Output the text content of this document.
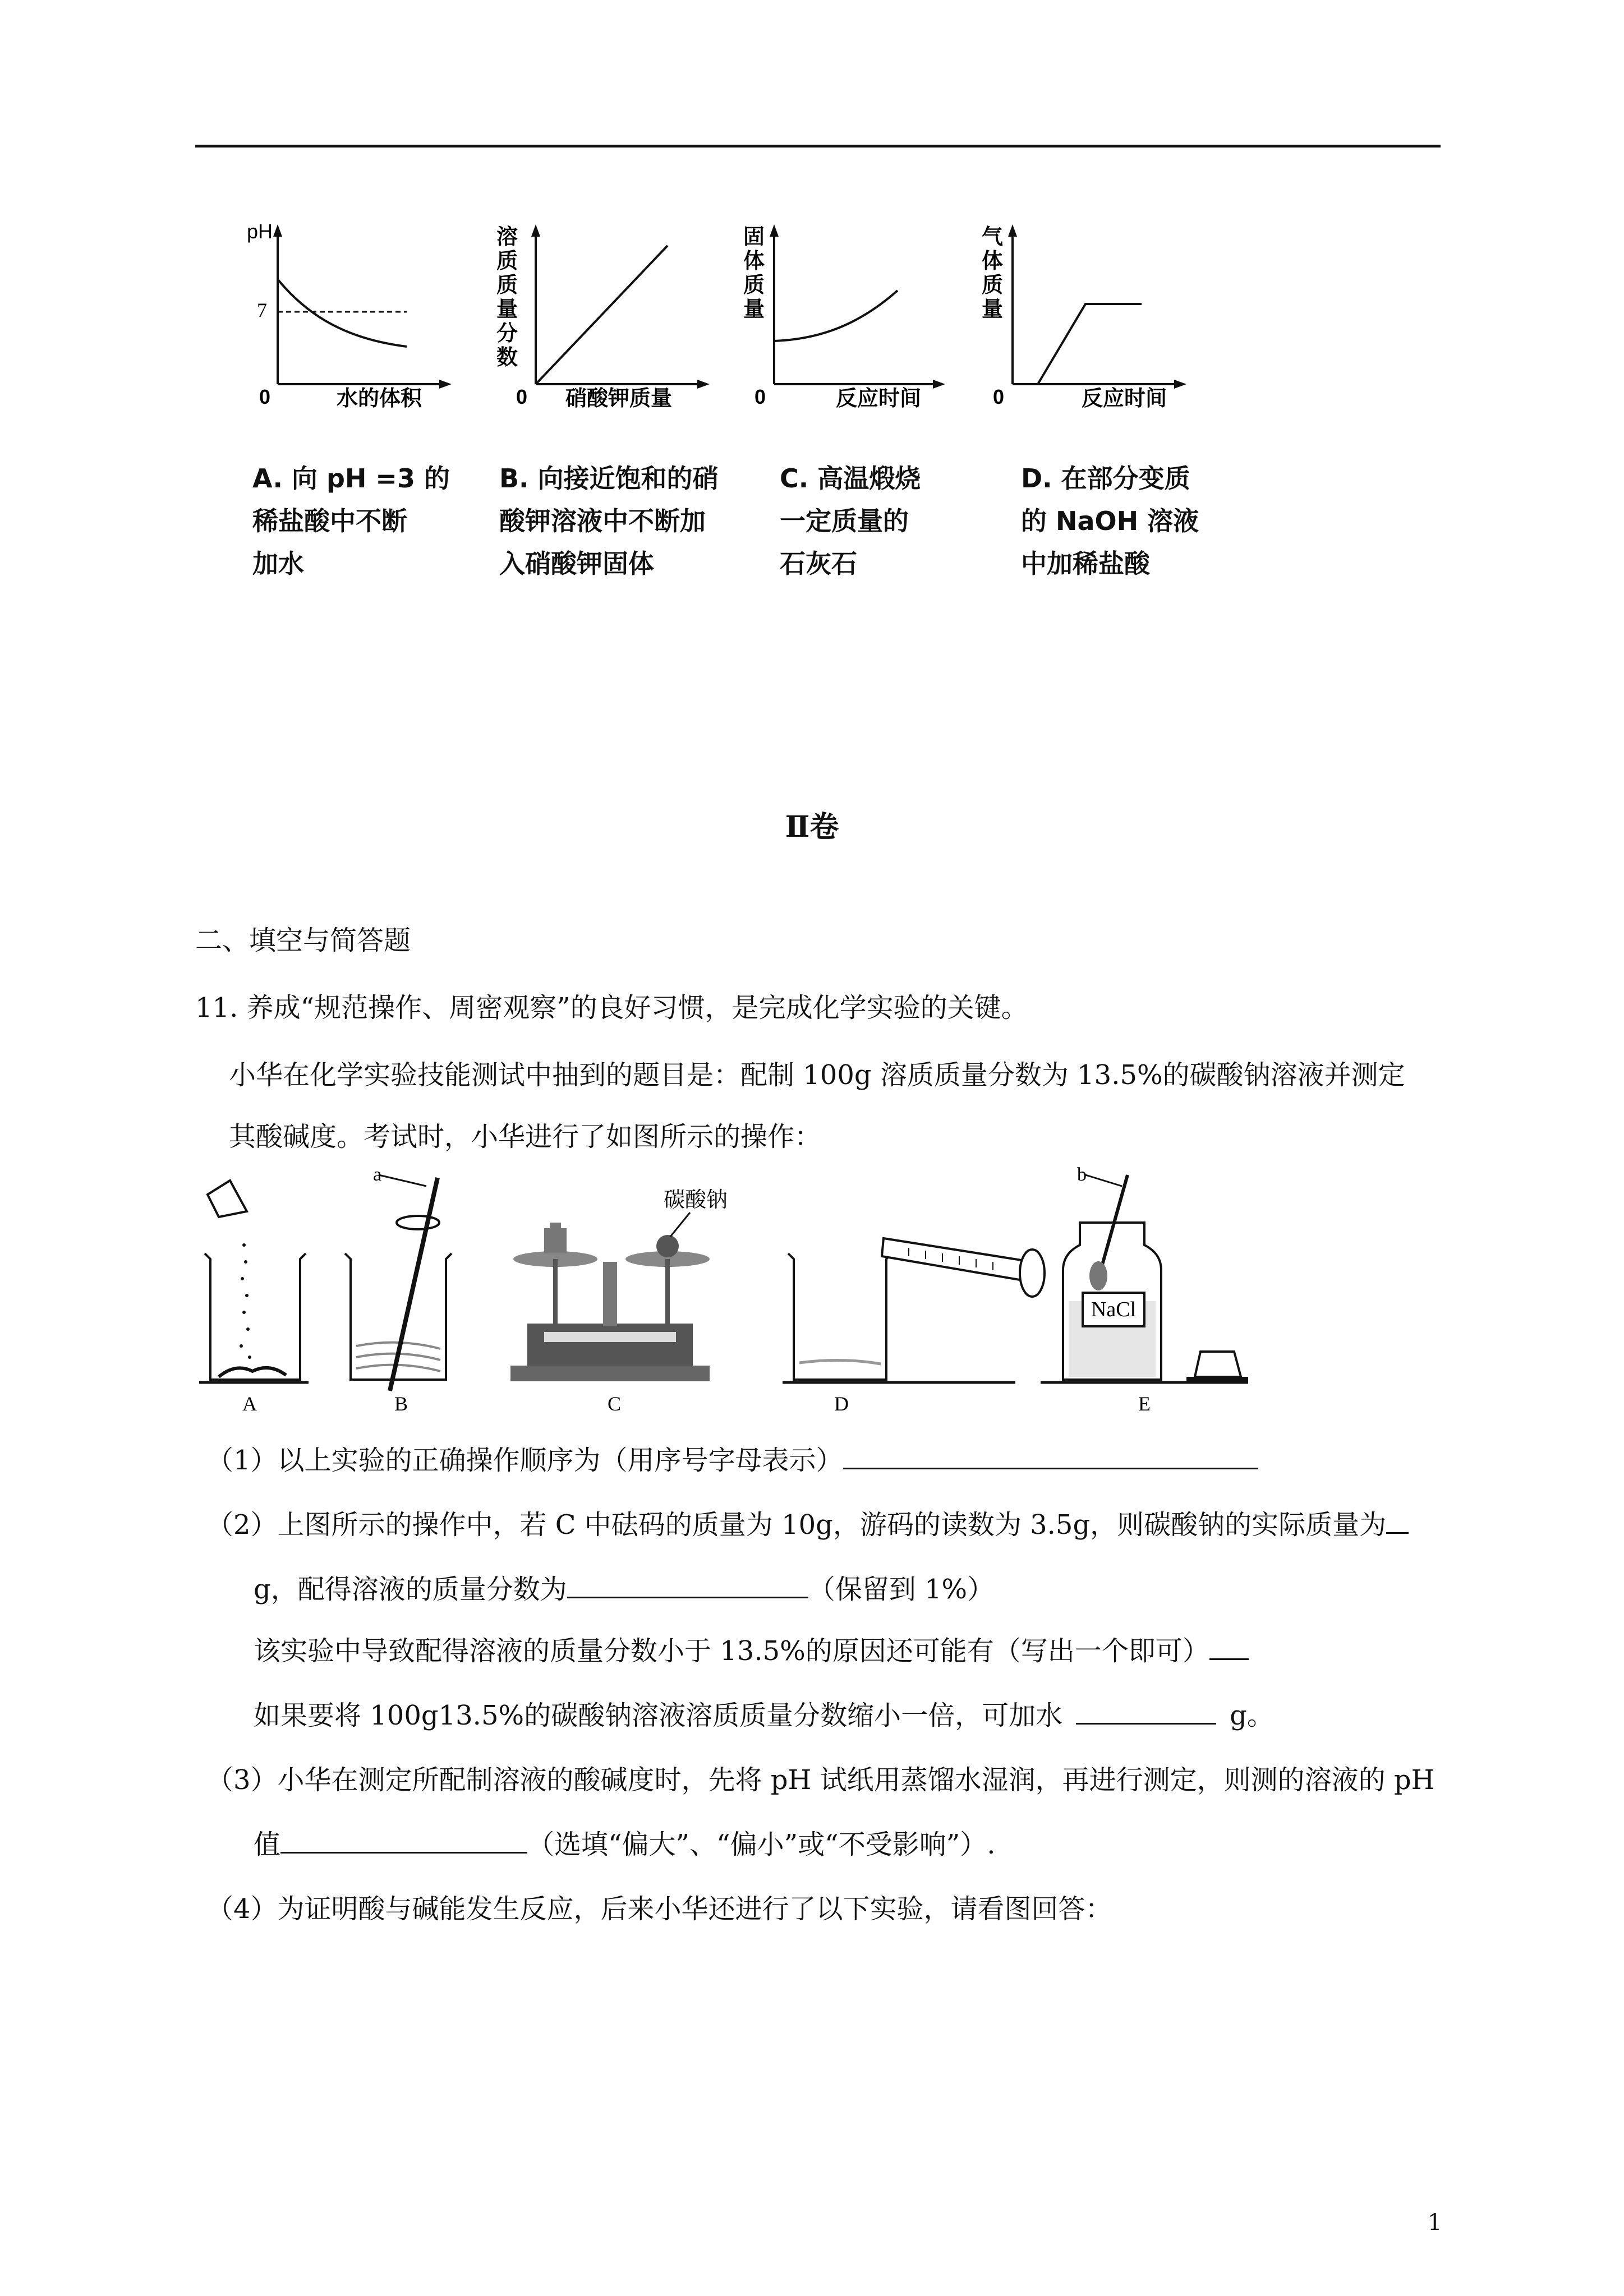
pH
7
0	水的体积
溶
质
质
量
分
数
0 硝酸钾质量
固
体
质
量
0	反应时间
气
体
质
量
0	反应时间
A. 向 pH =3 的
稀盐酸中不断
加水
B. 向接近饱和的硝
酸钾溶液中不断加
入硝酸钾固体
C. 高温煅烧
一定质量的
石灰石
D. 在部分变质
的 NaOH 溶液
中加稀盐酸
Ⅱ卷
二、填空与简答题
11. 养成“规范操作、周密观察”的良好习惯，是完成化学实验的关键。
小华在化学实验技能测试中抽到的题目是：配制 100g 溶质质量分数为 13.5%的碳酸钠溶液并测定
其酸碱度。考试时，小华进行了如图所示的操作：
A
a
B
碳酸钠
C	D
NaCl
b
E
（1）以上实验的正确操作顺序为（用序号字母表示）
（2）上图所示的操作中，若 C 中砝码的质量为 10g，游码的读数为 3.5g，则碳酸钠的实际质量为
g，配得溶液的质量分数为	（保留到 1%）
该实验中导致配得溶液的质量分数小于 13.5%的原因还可能有（写出一个即可）
如果要将 100g13.5%的碳酸钠溶液溶质质量分数缩小一倍，可加水	g。
（3）小华在测定所配制溶液的酸碱度时，先将 pH 试纸用蒸馏水湿润，再进行测定，则测的溶液的 pH
值	（选填“偏大”、“偏小”或“不受影响”）.
（4）为证明酸与碱能发生反应，后来小华还进行了以下实验，请看图回答：
1
